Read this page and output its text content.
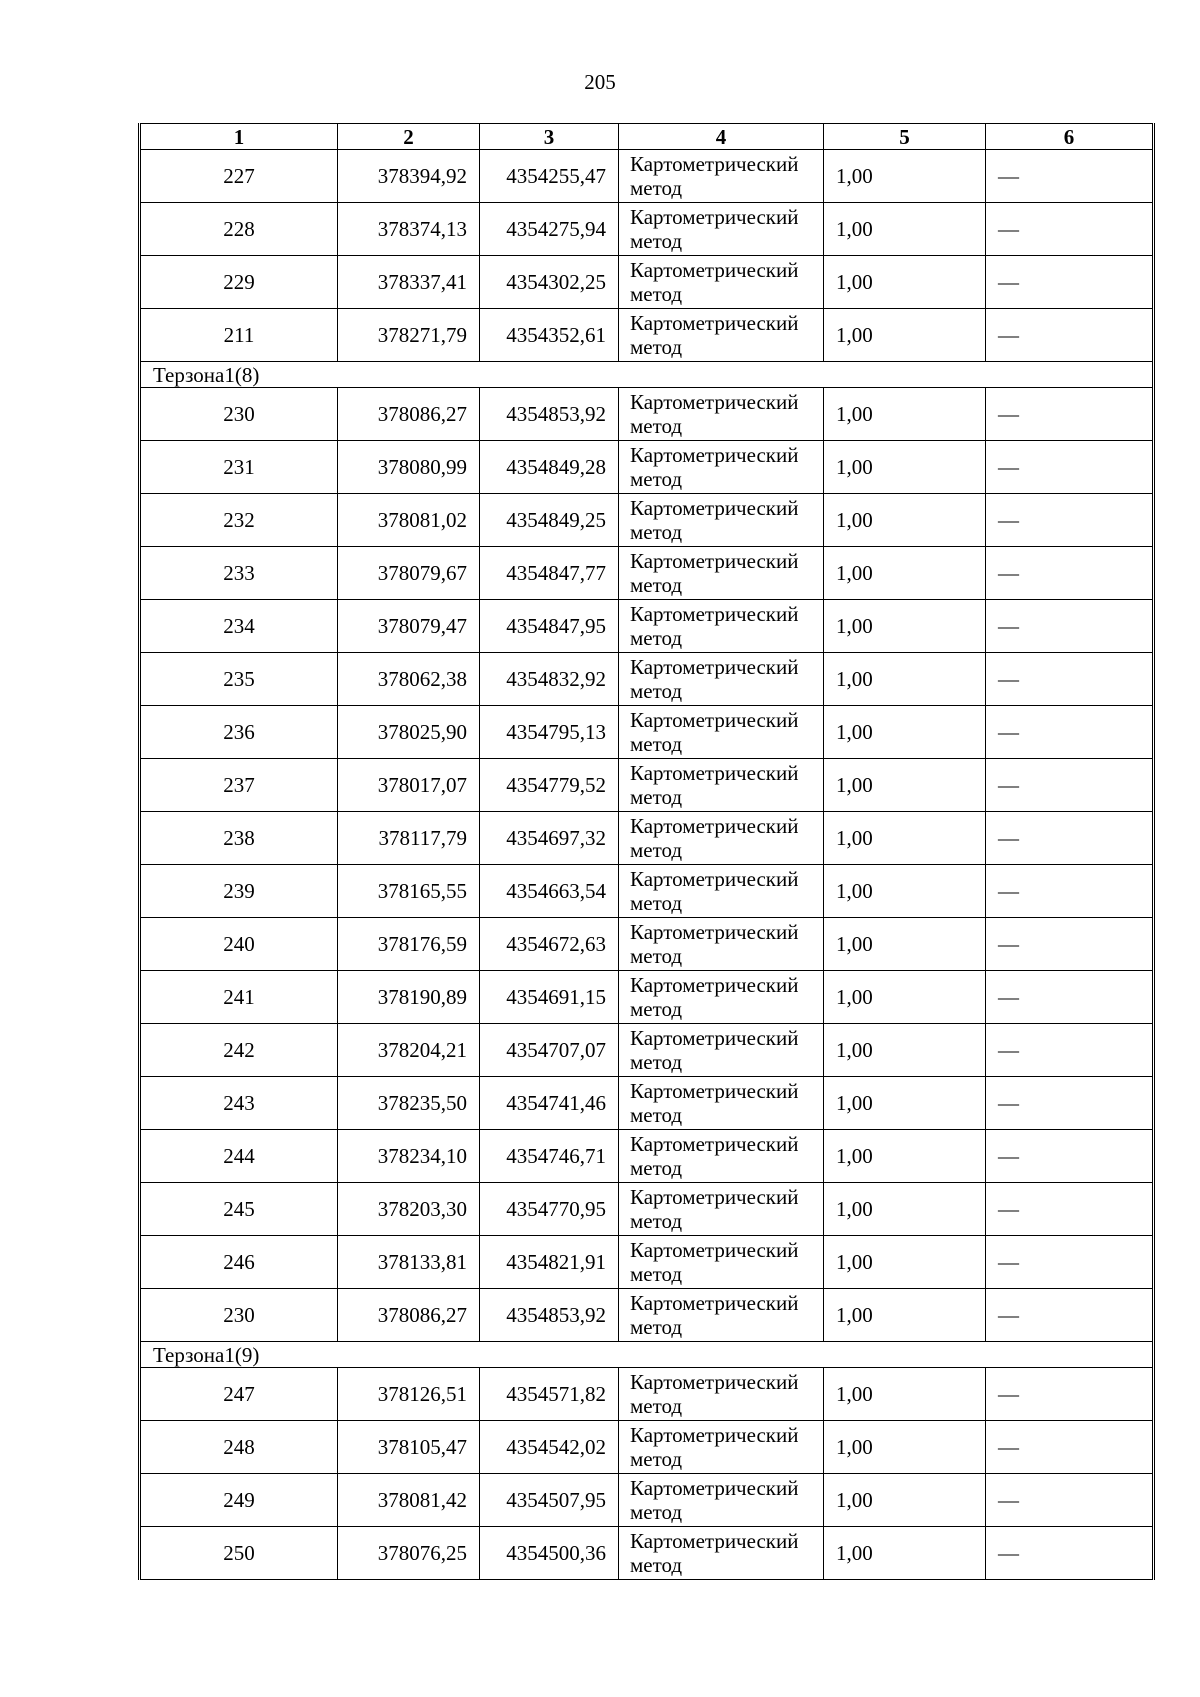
205
1	2	3	4	5	6
227	378394,92	4354255,47	Картометрический метод	1,00	—
228	378374,13	4354275,94	Картометрический метод	1,00	—
229	378337,41	4354302,25	Картометрический метод	1,00	—
211	378271,79	4354352,61	Картометрический метод	1,00	—
Терзона1(8)					
230	378086,27	4354853,92	Картометрический метод	1,00	—
231	378080,99	4354849,28	Картометрический метод	1,00	—
232	378081,02	4354849,25	Картометрический метод	1,00	—
233	378079,67	4354847,77	Картометрический метод	1,00	—
234	378079,47	4354847,95	Картометрический метод	1,00	—
235	378062,38	4354832,92	Картометрический метод	1,00	—
236	378025,90	4354795,13	Картометрический метод	1,00	—
237	378017,07	4354779,52	Картометрический метод	1,00	—
238	378117,79	4354697,32	Картометрический метод	1,00	—
239	378165,55	4354663,54	Картометрический метод	1,00	—
240	378176,59	4354672,63	Картометрический метод	1,00	—
241	378190,89	4354691,15	Картометрический метод	1,00	—
242	378204,21	4354707,07	Картометрический метод	1,00	—
243	378235,50	4354741,46	Картометрический метод	1,00	—
244	378234,10	4354746,71	Картометрический метод	1,00	—
245	378203,30	4354770,95	Картометрический метод	1,00	—
246	378133,81	4354821,91	Картометрический метод	1,00	—
230	378086,27	4354853,92	Картометрический метод	1,00	—
Терзона1(9)					
247	378126,51	4354571,82	Картометрический метод	1,00	—
248	378105,47	4354542,02	Картометрический метод	1,00	—
249	378081,42	4354507,95	Картометрический метод	1,00	—
250	378076,25	4354500,36	Картометрический метод	1,00	—
